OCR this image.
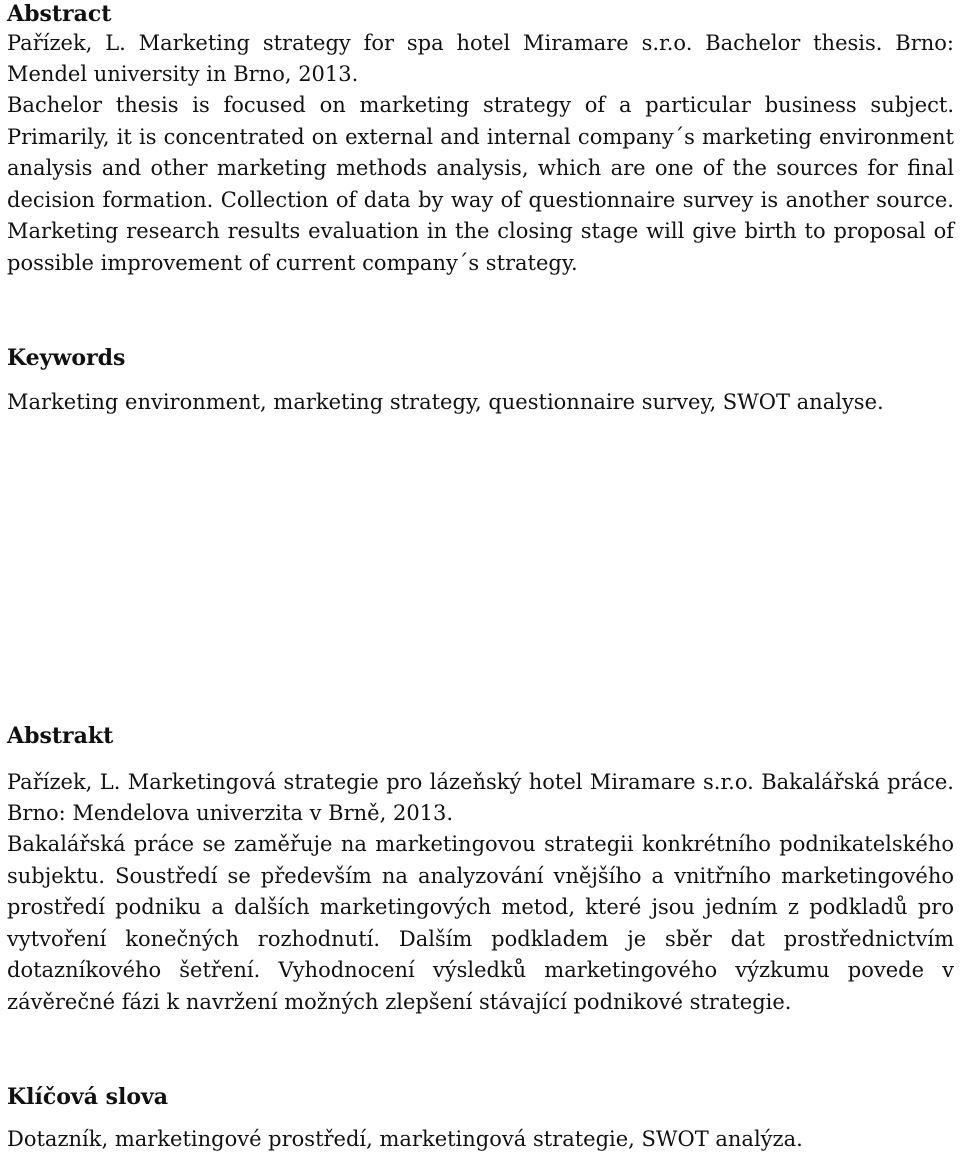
Abstract

Pařízek, L. Marketing strategy for spa hotel Miramare s.r.o. Bachelor thesis. Brno: Mendel university in Brno, 2013.

Bachelor thesis is focused on marketing strategy of a particular business subject. Primarily, it is concentrated on external and internal company´s marketing environment analysis and other marketing methods analysis, which are one of the sources for final decision formation. Collection of data by way of questionnaire survey is another source. Marketing research results evaluation in the closing stage will give birth to proposal of possible improvement of current company´s strategy.

Keywords

Marketing environment, marketing strategy, questionnaire survey, SWOT analyse.

Abstrakt

Pařízek, L. Marketingová strategie pro lázeňský hotel Miramare s.r.o. Bakalářská práce. Brno: Mendelova univerzita v Brně, 2013.

Bakalářská práce se zaměřuje na marketingovou strategii konkrétního podnikatelského subjektu. Soustředí se především na analyzování vnějšího a vnitřního marketingového prostředí podniku a dalších marketingových metod, které jsou jedním z podkladů pro vytvoření konečných rozhodnutí. Dalším podkladem je sběr dat prostřednictvím dotazníkového šetření. Vyhodnocení výsledků marketingového výzkumu povede v závěrečné fázi k navržení možných zlepšení stávající podnikové strategie.

Klíčová slova

Dotazník, marketingové prostředí, marketingová strategie, SWOT analýza.
